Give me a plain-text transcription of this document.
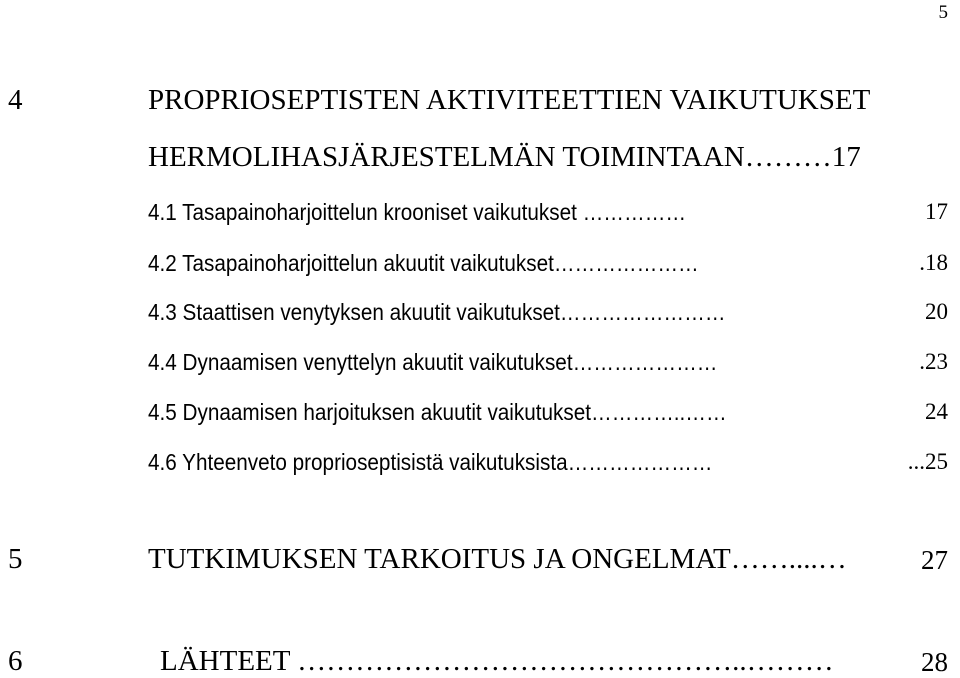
5
4	PROPRIOSEPTISTEN AKTIVITEETTIEN VAIKUTUKSET
HERMOLIHASJÄRJESTELMÄN TOIMINTAAN………17
4.1 Tasapainoharjoittelun krooniset vaikutukset ……………	17
4.2 Tasapainoharjoittelun akuutit vaikutukset…………………	.18
4.3 Staattisen venytyksen akuutit vaikutukset……………………	20
4.4 Dynaamisen venyttelyn akuutit vaikutukset…………………	.23
4.5 Dynaamisen harjoituksen akuutit vaikutukset…………..……	24
4.6 Yhteenveto proprioseptisistä vaikutuksista…………………	...25
5	TUTKIMUKSEN TARKOITUS JA ONGELMAT……....…	27
6	LÄHTEET ………………………………………..………	28
